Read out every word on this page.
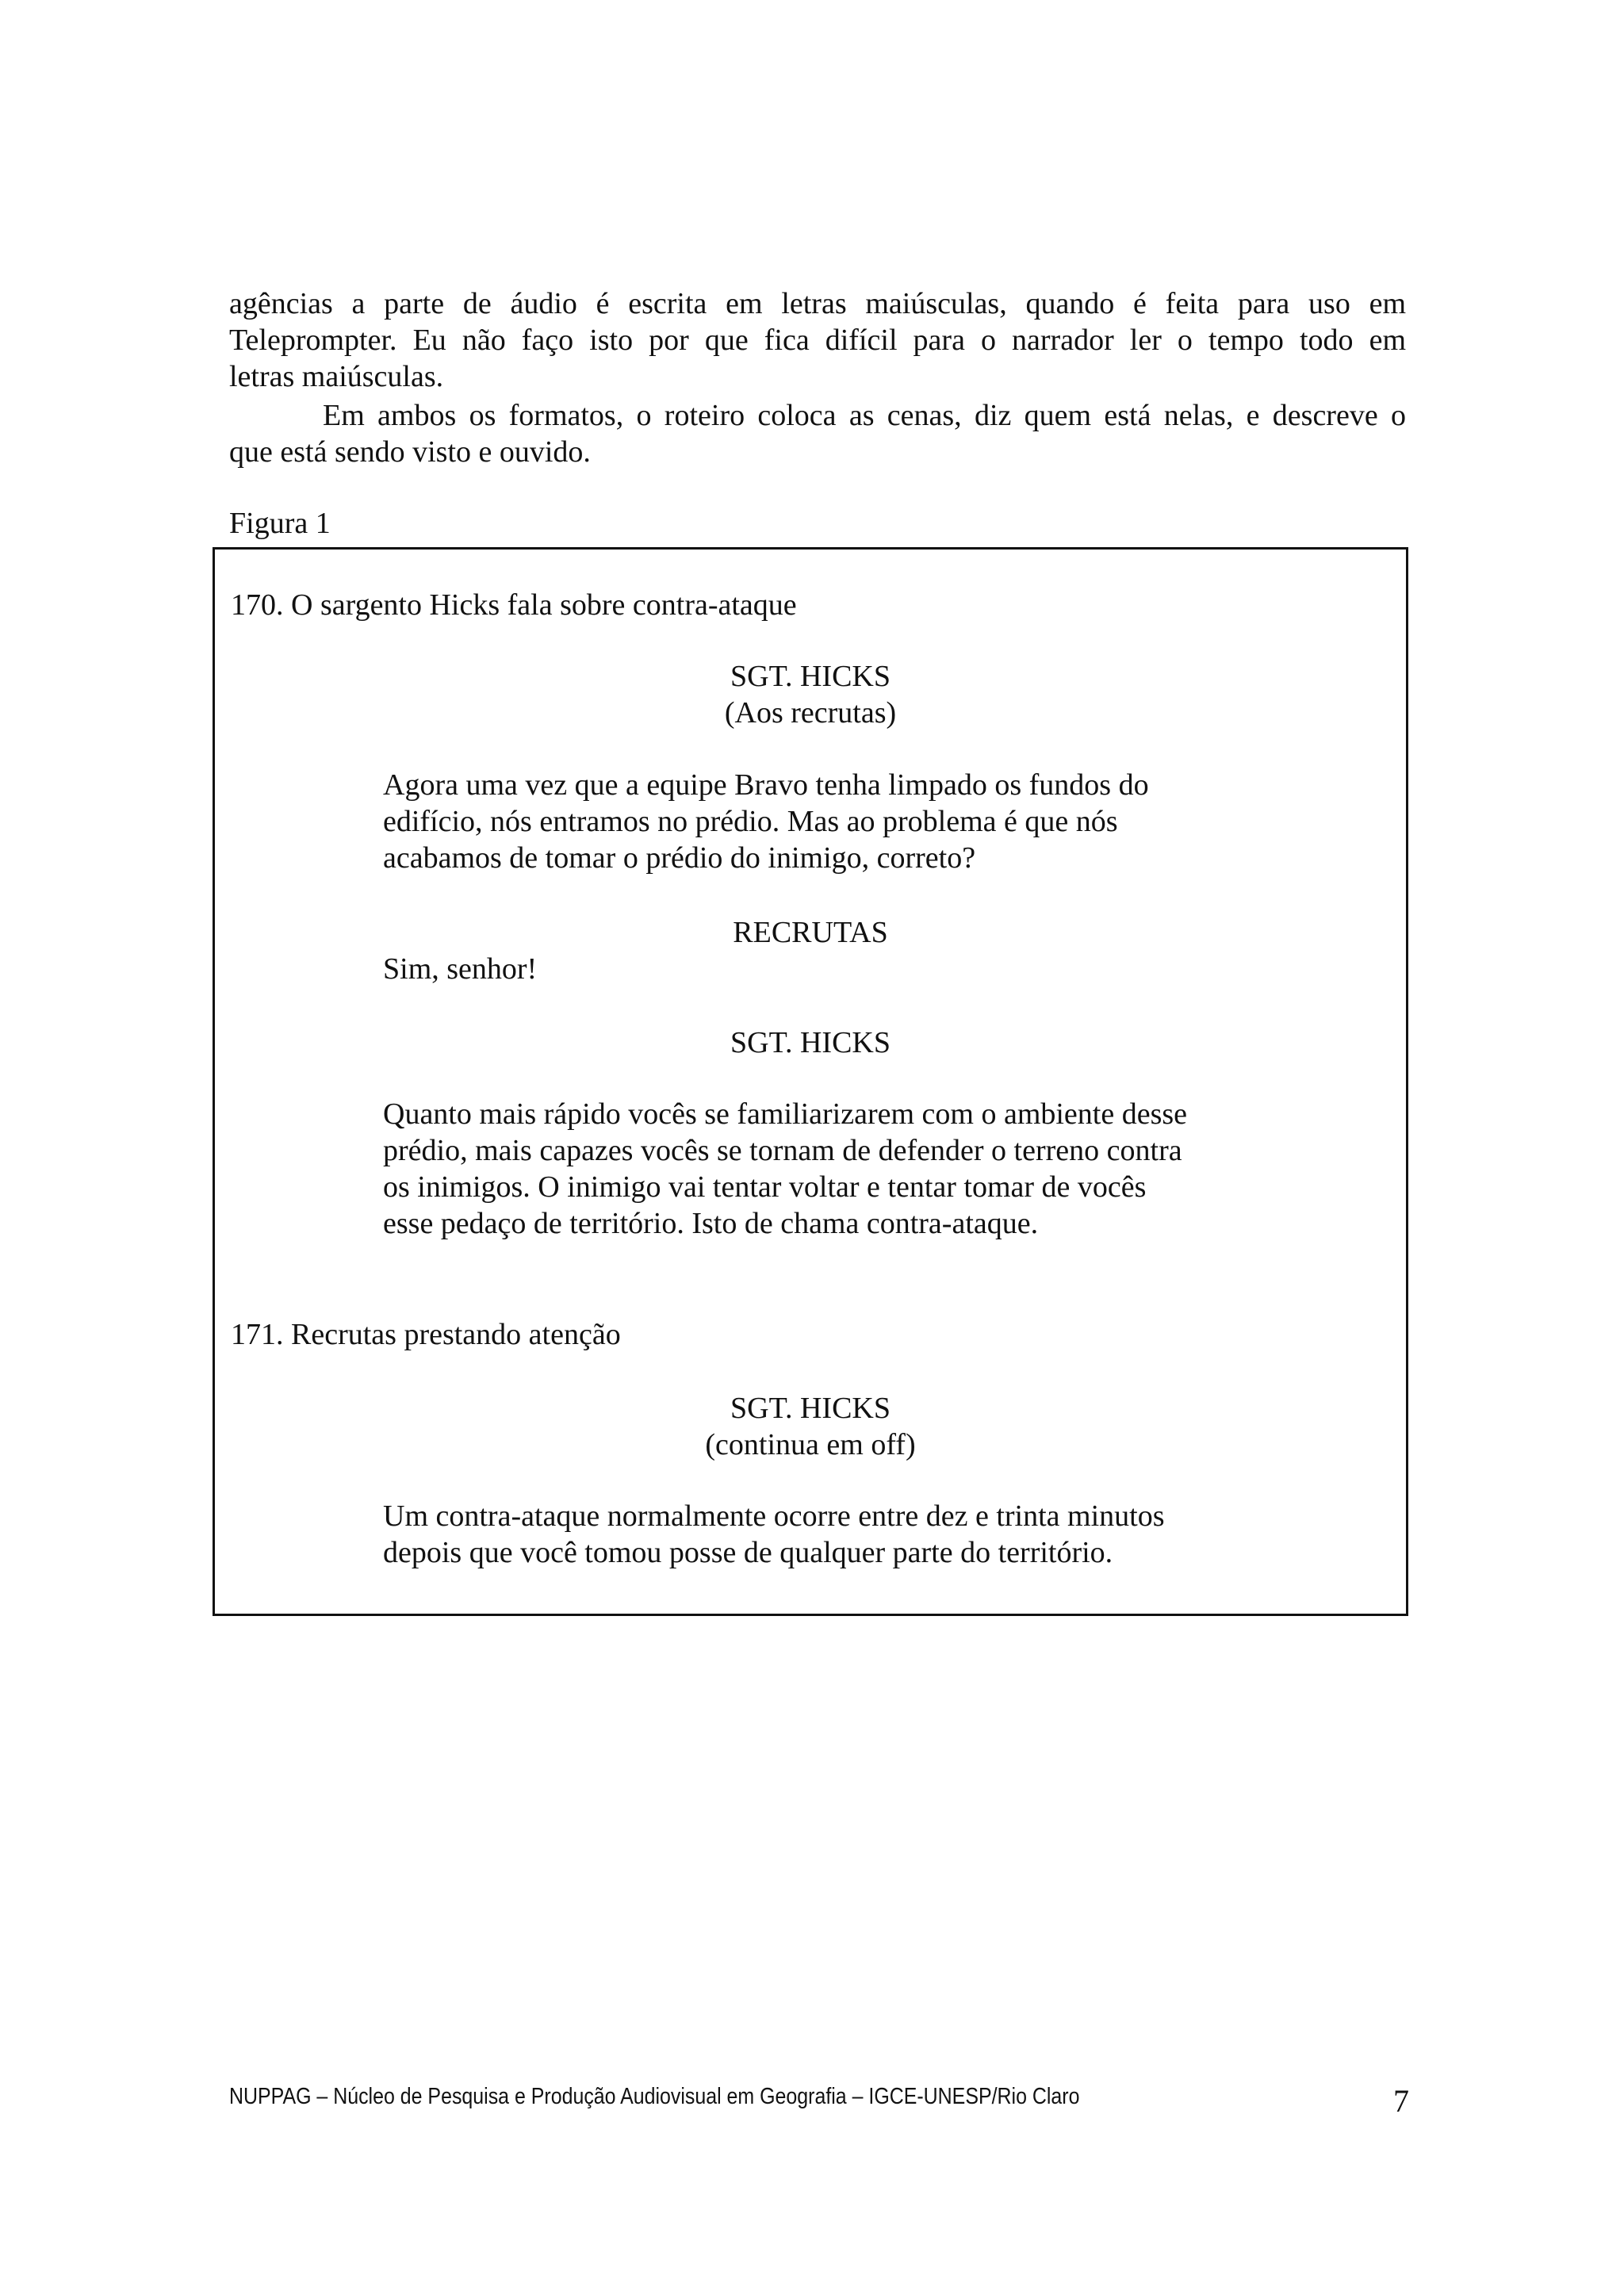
agências a parte de áudio é escrita em letras maiúsculas, quando é feita para uso em
Teleprompter. Eu não faço isto por que fica difícil para o narrador ler o tempo todo em
letras maiúsculas.

Em ambos os formatos, o roteiro coloca as cenas, diz quem está nelas, e descreve o
que está sendo visto e ouvido.

Figura 1

170. O sargento Hicks fala sobre contra-ataque

SGT. HICKS

(Aos recrutas)

Agora uma vez que a equipe Bravo tenha limpado os fundos do
edifício, nós entramos no prédio. Mas ao problema é que nós
acabamos de tomar o prédio do inimigo, correto?

RECRUTAS

Sim, senhor!

SGT. HICKS

Quanto mais rápido vocês se familiarizarem com o ambiente desse
prédio, mais capazes vocês se tornam de defender o terreno contra
os inimigos. O inimigo vai tentar voltar e tentar tomar de vocês
esse pedaço de território. Isto de chama contra-ataque.

171. Recrutas prestando atenção

SGT. HICKS

(continua em off)

Um contra-ataque normalmente ocorre entre dez e trinta minutos
depois que você tomou posse de qualquer parte do território.

NUPPAG – Núcleo de Pesquisa e Produção Audiovisual em Geografia – IGCE-UNESP/Rio Claro	7
